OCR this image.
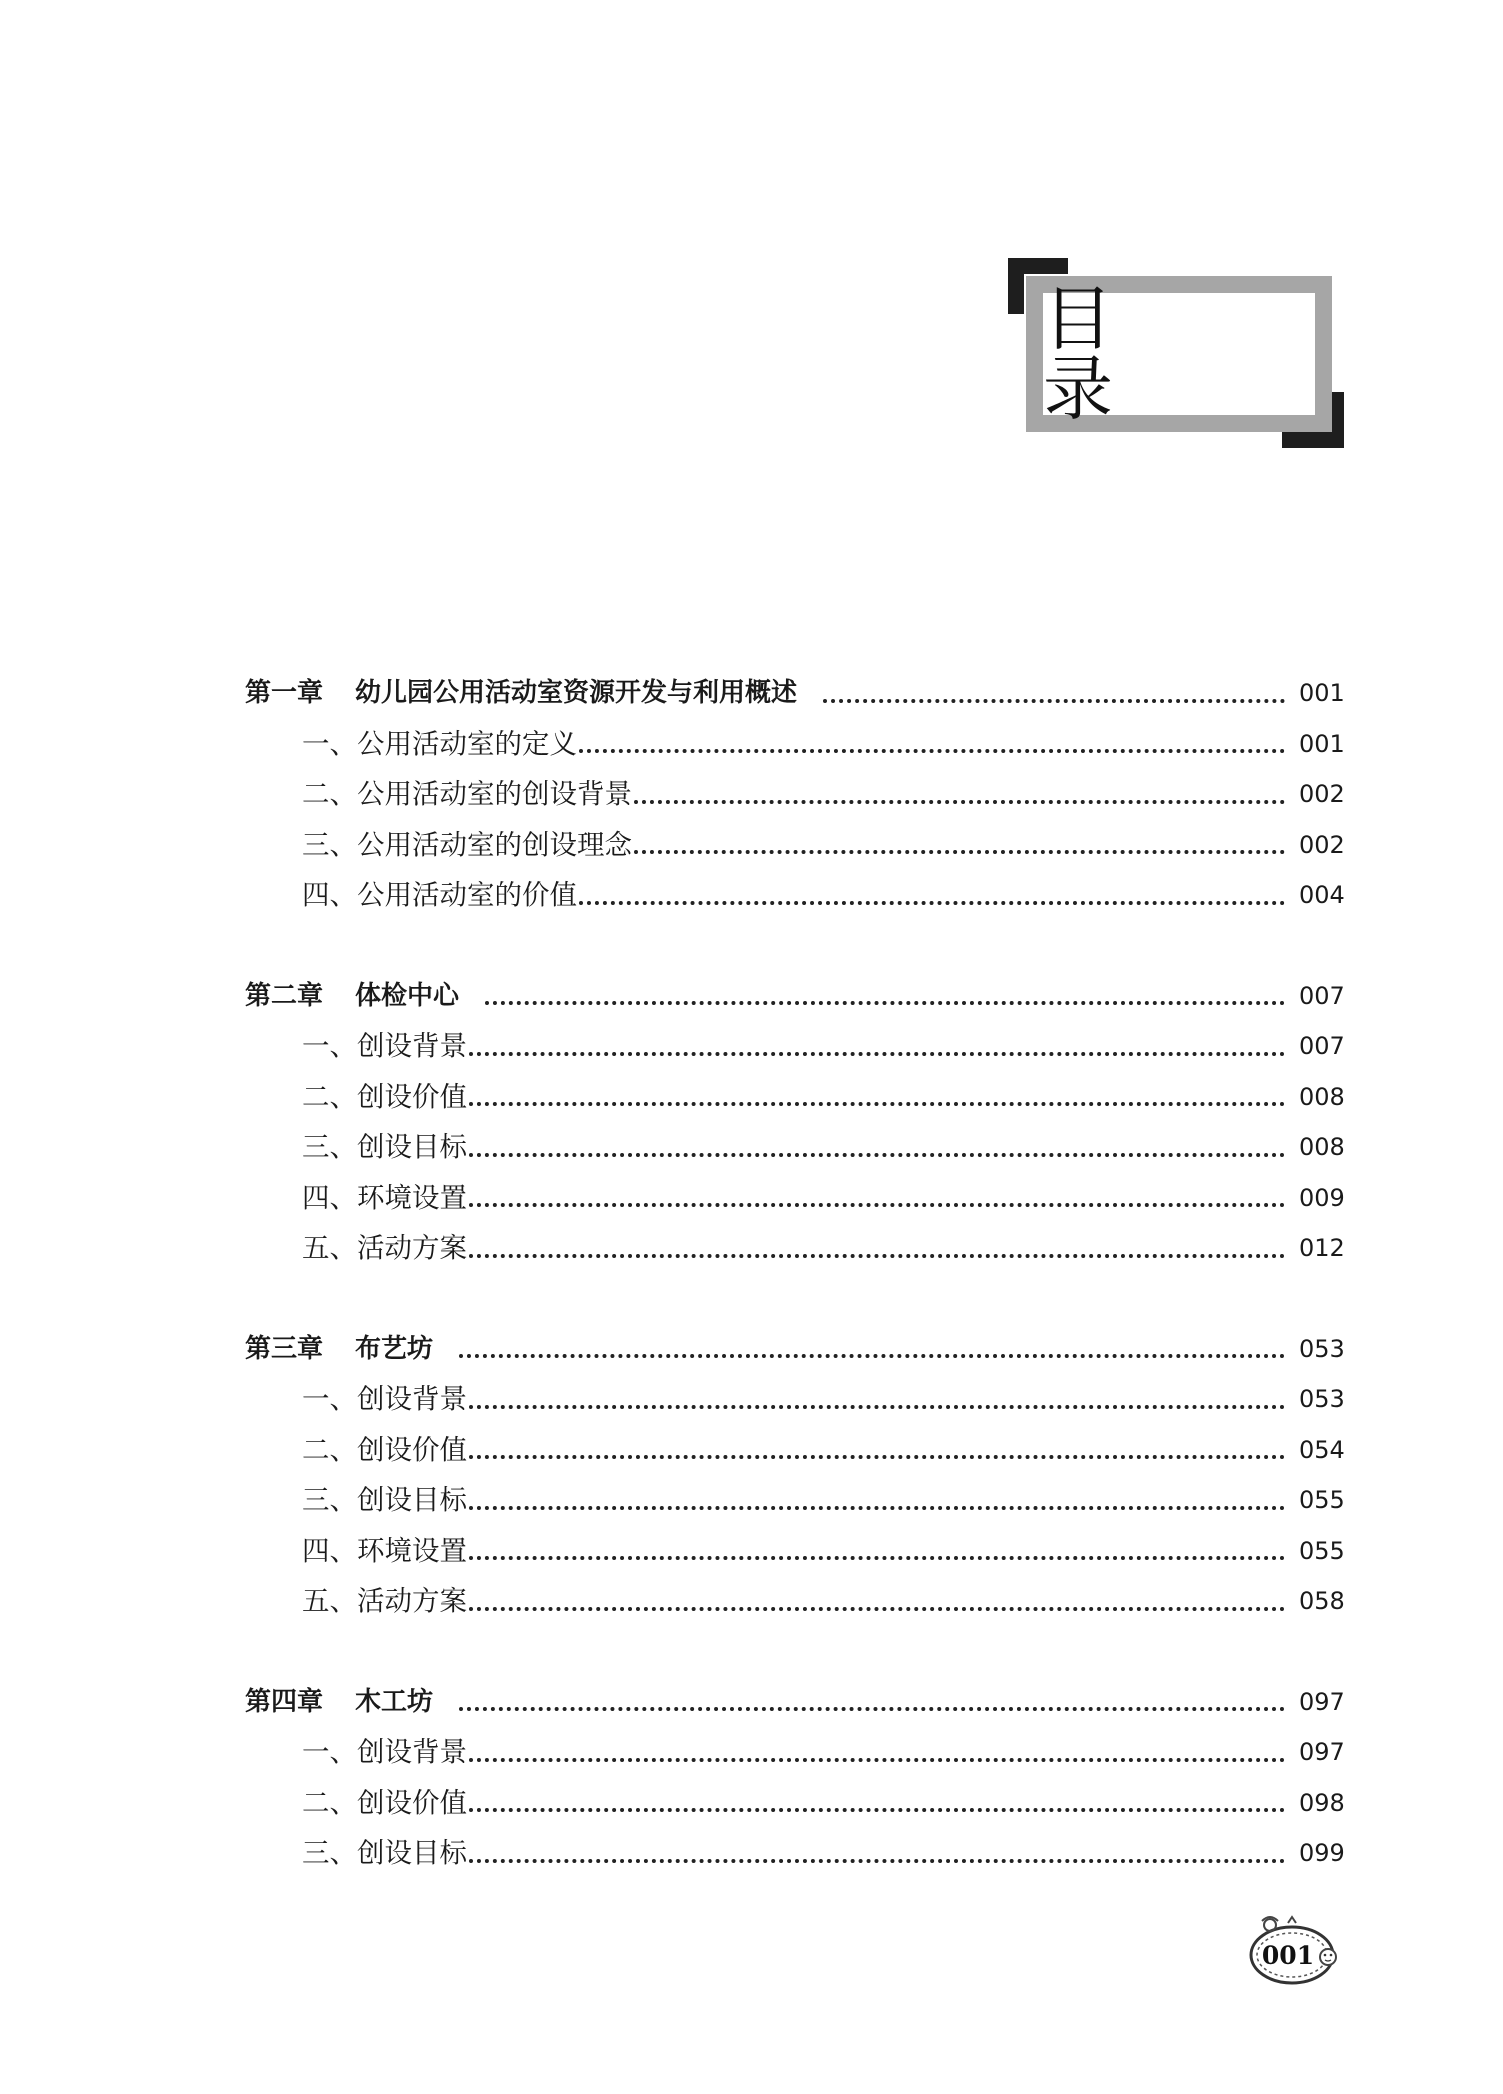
目　录
第一章 幼儿园公用活动室资源开发与利用概述	001
一、公用活动室的定义	001
二、公用活动室的创设背景	002
三、公用活动室的创设理念	002
四、公用活动室的价值	004
第二章 体检中心	007
一、创设背景	007
二、创设价值	008
三、创设目标	008
四、环境设置	009
五、活动方案	012
第三章 布艺坊	053
一、创设背景	053
二、创设价值	054
三、创设目标	055
四、环境设置	055
五、活动方案	058
第四章 木工坊	097
一、创设背景	097
二、创设价值	098
三、创设目标	099
001
